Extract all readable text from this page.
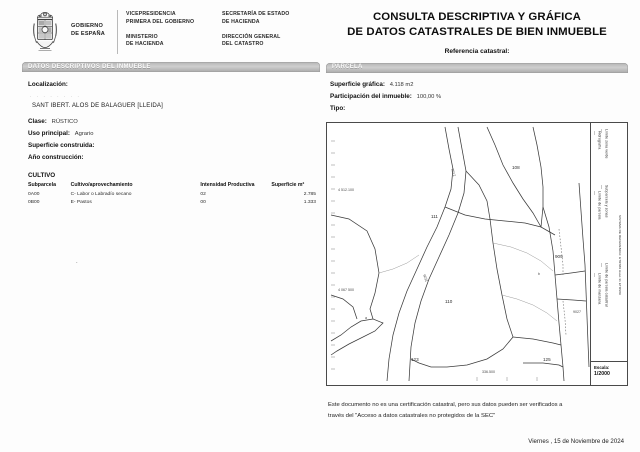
GOBIERNO
DE ESPAÑA
VICEPRESIDENCIA
PRIMERA DEL GOBIERNO
MINISTERIO
DE HACIENDA
SECRETARÍA DE ESTADO
DE HACIENDA
DIRECCIÓN GENERAL
DEL CATASTRO
DATOS DESCRIPTIVOS DEL INMUEBLE
Localización:
. . . . . . . .
SANT IBERT. ALOS DE BALAGUER [LLEIDA]
Clase: RÚSTICO
Uso principal: Agrario
Superficie construida:
Año construcción:
CULTIVO
Subparcela	Cultivo/aprovechamiento	Intensidad Productiva	Superficie m²
0A00	C- Labor o Labradío secano	02	2.785
0B00	E- Pastos	00	1.333
.
CONSULTA DESCRIPTIVA Y GRÁFICA
DE DATOS CATASTRALES DE BIEN INMUEBLE
Referencia catastral:
PARCELA
Superficie gráfica: 4.118 m2
Participación del inmueble: 100,00 %
Tipo:
108
111
909
110
123	125
9027
4 512.100
4 067 500
336.500
a
b
9012
9011	Límite de manzana Límite de parcela catastral
Límite de parcela Subparcela y zonas
Hidrografía Límite zona verde
—
—
—
—
— —
SISTEMA DE REFERENCIA: ETRS89 Huso 31 ETRS89
Escala:
1/2000
Este documento no es una certificación catastral, pero sus datos pueden ser verificados a
través del "Acceso a datos catastrales no protegidos de la SEC"
Viernes , 15 de Noviembre de 2024
